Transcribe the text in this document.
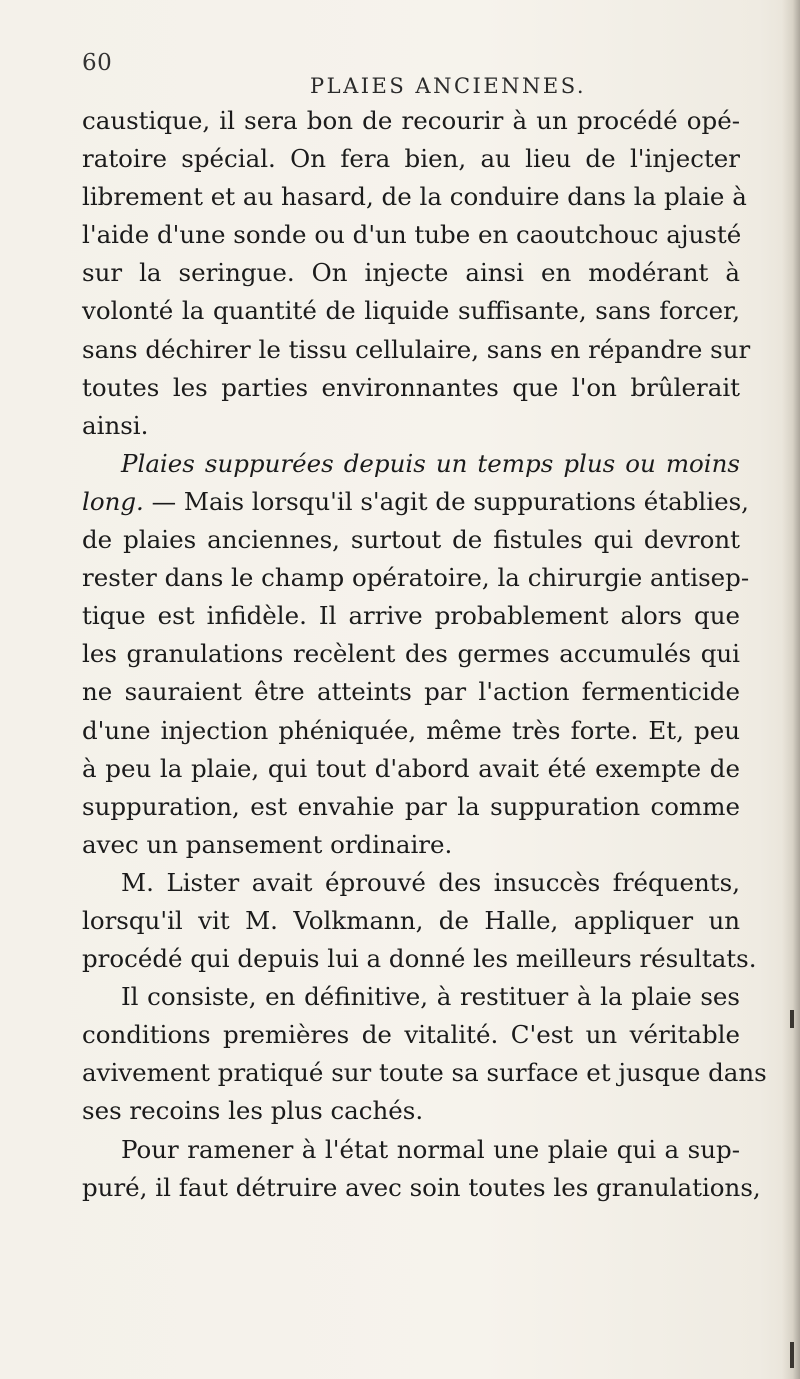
60
PLAIES ANCIENNES.
caustique, il sera bon de recourir à un procédé opé-
ratoire spécial. On fera bien, au lieu de l'injecter
librement et au hasard, de la conduire dans la plaie à
l'aide d'une sonde ou d'un tube en caoutchouc ajusté
sur la seringue. On injecte ainsi en modérant à
volonté la quantité de liquide suffisante, sans forcer,
sans déchirer le tissu cellulaire, sans en répandre sur
toutes les parties environnantes que l'on brûlerait
ainsi.
Plaies suppurées depuis un temps plus ou moins
long. — Mais lorsqu'il s'agit de suppurations établies,
de plaies anciennes, surtout de fistules qui devront
rester dans le champ opératoire, la chirurgie antisep-
tique est infidèle. Il arrive probablement alors que
les granulations recèlent des germes accumulés qui
ne sauraient être atteints par l'action fermenticide
d'une injection phéniquée, même très forte. Et, peu
à peu la plaie, qui tout d'abord avait été exempte de
suppuration, est envahie par la suppuration comme
avec un pansement ordinaire.
M. Lister avait éprouvé des insuccès fréquents,
lorsqu'il vit M. Volkmann, de Halle, appliquer un
procédé qui depuis lui a donné les meilleurs résultats.
Il consiste, en définitive, à restituer à la plaie ses
conditions premières de vitalité. C'est un véritable
avivement pratiqué sur toute sa surface et jusque dans
ses recoins les plus cachés.
Pour ramener à l'état normal une plaie qui a sup-
puré, il faut détruire avec soin toutes les granulations,
